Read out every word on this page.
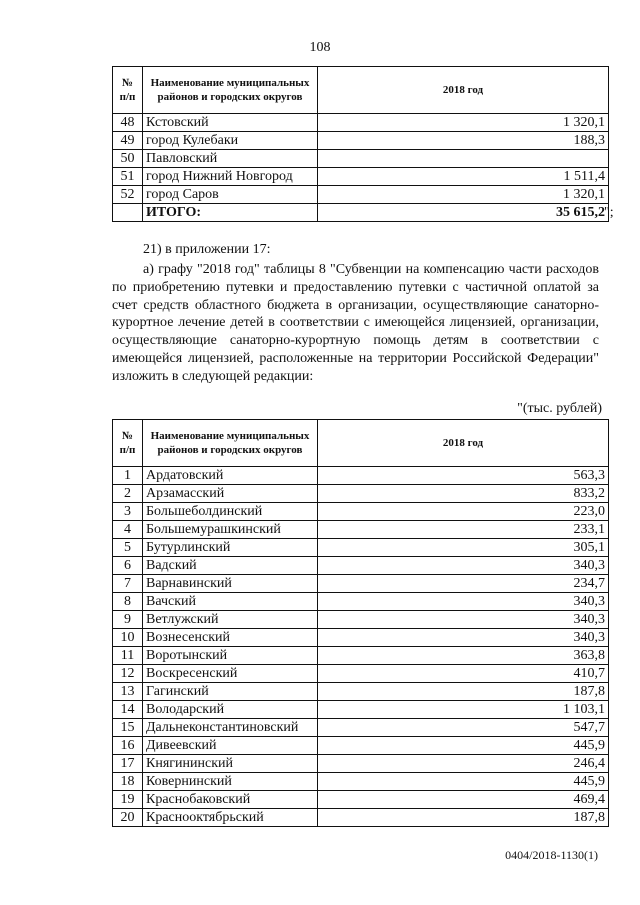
108
№ п/п	Наименование муниципальных районов и городских округов	2018 год
48	Кстовский	1 320,1
49	город Кулебаки	188,3
50	Павловский	
51	город Нижний Новгород	1 511,4
52	город Саров	1 320,1
	ИТОГО:	35 615,2 ";
21) в приложении 17:
а) графу "2018 год" таблицы 8 "Субвенции на компенсацию части расходов по приобретению путевки и предоставлению путевки с частичной оплатой за счет средств областного бюджета в организации, осуществляющие санаторно-курортное лечение детей в соответствии с имеющейся лицензией, организации, осуществляющие санаторно-курортную помощь детям в соответствии с имеющейся лицензией, расположенные на территории Российской Федерации" изложить в следующей редакции:
"(тыс. рублей)
№ п/п	Наименование муниципальных районов и городских округов	2018 год
1	Ардатовский	563,3
2	Арзамасский	833,2
3	Большеболдинский	223,0
4	Большемурашкинский	233,1
5	Бутурлинский	305,1
6	Вадский	340,3
7	Варнавинский	234,7
8	Вачский	340,3
9	Ветлужский	340,3
10	Вознесенский	340,3
11	Воротынский	363,8
12	Воскресенский	410,7
13	Гагинский	187,8
14	Володарский	1 103,1
15	Дальнеконстантиновский	547,7
16	Дивеевский	445,9
17	Княгининский	246,4
18	Ковернинский	445,9
19	Краснобаковский	469,4
20	Краснооктябрьский	187,8
0404/2018-1130(1)
